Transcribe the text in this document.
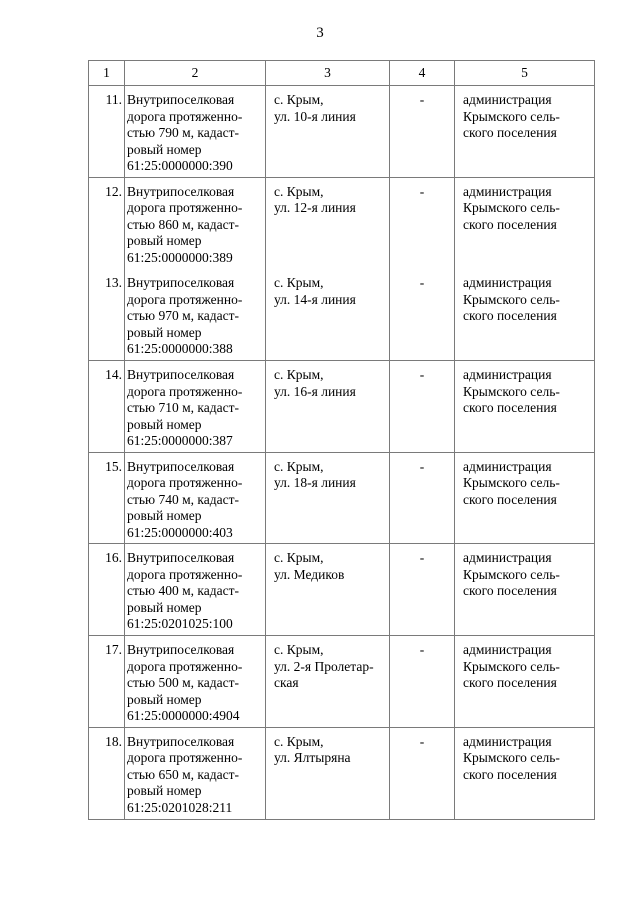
3
1	2	3	4	5
11.	Внутрипоселковая
дорога протяженно-
стью 790 м, кадаст-
ровый номер
61:25:0000000:390	с. Крым,
ул. 10-я линия	-	администрация
Крымского сель-
ского поселения

12.	Внутрипоселковая
дорога протяженно-
стью 860 м, кадаст-
ровый номер
61:25:0000000:389	с. Крым,
ул. 12-я линия	-	администрация
Крымского сель-
ского поселения

13.	Внутрипоселковая
дорога протяженно-
стью 970 м, кадаст-
ровый номер
61:25:0000000:388	с. Крым,
ул. 14-я линия	-	администрация
Крымского сель-
ского поселения

14.	Внутрипоселковая
дорога протяженно-
стью 710 м, кадаст-
ровый номер
61:25:0000000:387	с. Крым,
ул. 16-я линия	-	администрация
Крымского сель-
ского поселения

15.	Внутрипоселковая
дорога протяженно-
стью 740 м, кадаст-
ровый номер
61:25:0000000:403	с. Крым,
ул. 18-я линия	-	администрация
Крымского сель-
ского поселения

16.	Внутрипоселковая
дорога протяженно-
стью 400 м, кадаст-
ровый номер
61:25:0201025:100	с. Крым,
ул. Медиков	-	администрация
Крымского сель-
ского поселения

17.	Внутрипоселковая
дорога протяженно-
стью 500 м, кадаст-
ровый номер
61:25:0000000:4904	с. Крым,
ул. 2-я Пролетар-
ская	-	администрация
Крымского сель-
ского поселения

18.	Внутрипоселковая
дорога протяженно-
стью 650 м, кадаст-
ровый номер
61:25:0201028:211	с. Крым,
ул. Ялтыряна	-	администрация
Крымского сель-
ского поселения
